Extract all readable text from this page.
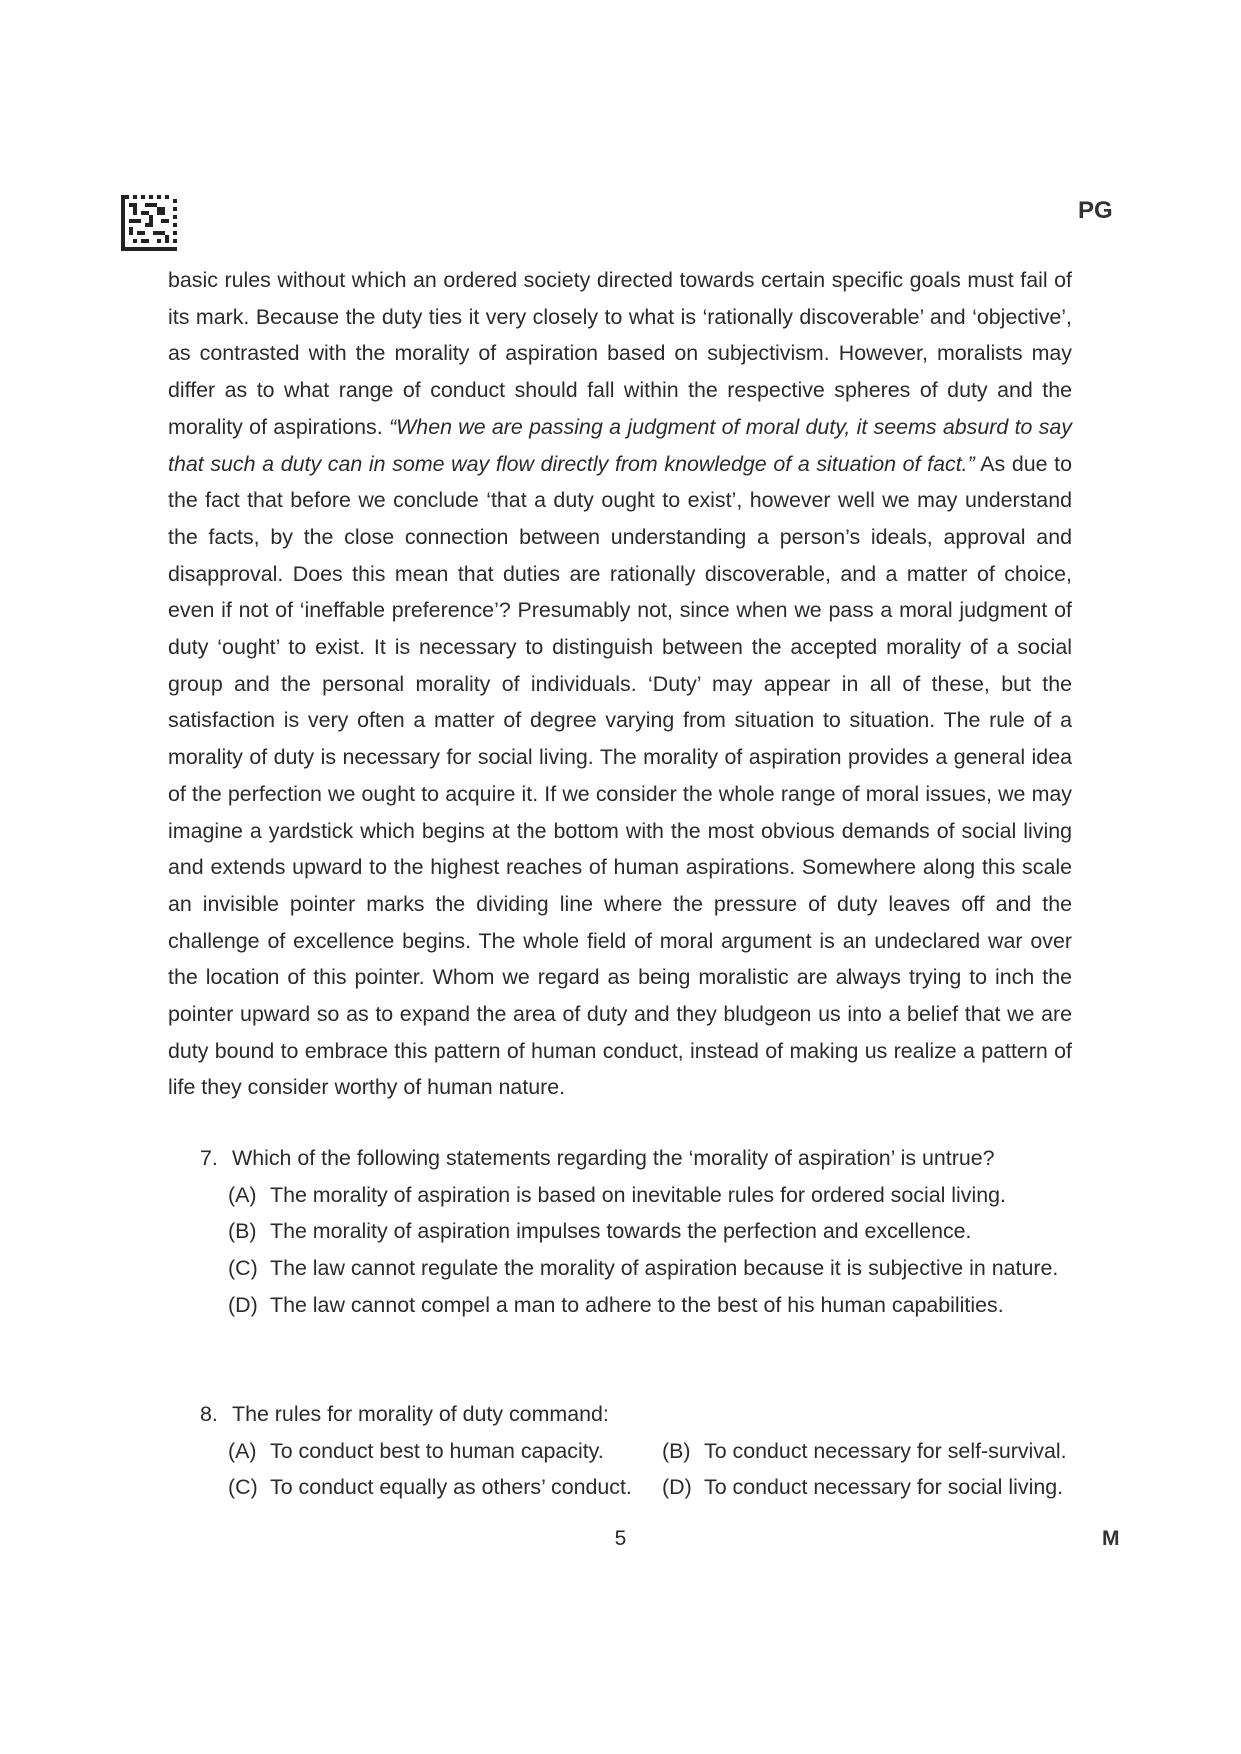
PG

basic rules without which an ordered society directed towards certain specific goals must fail of its mark. Because the duty ties it very closely to what is ‘rationally discoverable’ and ‘objective’, as contrasted with the morality of aspiration based on subjectivism. However, moralists may differ as to what range of conduct should fall within the respective spheres of duty and the morality of aspirations. “When we are passing a judgment of moral duty, it seems absurd to say that such a duty can in some way flow directly from knowledge of a situation of fact.” As due to the fact that before we conclude ‘that a duty ought to exist’, however well we may understand the facts, by the close connection between understanding a person’s ideals, approval and disapproval. Does this mean that duties are rationally discoverable, and a matter of choice, even if not of ‘ineffable preference’? Presumably not, since when we pass a moral judgment of duty ‘ought’ to exist. It is necessary to distinguish between the accepted morality of a social group and the personal morality of individuals. ‘Duty’ may appear in all of these, but the satisfaction is very often a matter of degree varying from situation to situation. The rule of a morality of duty is necessary for social living. The morality of aspiration provides a general idea of the perfection we ought to acquire it. If we consider the whole range of moral issues, we may imagine a yardstick which begins at the bottom with the most obvious demands of social living and extends upward to the highest reaches of human aspirations. Somewhere along this scale an invisible pointer marks the dividing line where the pressure of duty leaves off and the challenge of excellence begins. The whole field of moral argument is an undeclared war over the location of this pointer. Whom we regard as being moralistic are always trying to inch the pointer upward so as to expand the area of duty and they bludgeon us into a belief that we are duty bound to embrace this pattern of human conduct, instead of making us realize a pattern of life they consider worthy of human nature.

7. Which of the following statements regarding the ‘morality of aspiration’ is untrue?
(A) The morality of aspiration is based on inevitable rules for ordered social living.
(B) The morality of aspiration impulses towards the perfection and excellence.
(C) The law cannot regulate the morality of aspiration because it is subjective in nature.
(D) The law cannot compel a man to adhere to the best of his human capabilities.
8. The rules for morality of duty command:
(A) To conduct best to human capacity.	(B) To conduct necessary for self-survival.
(C) To conduct equally as others’ conduct. (D) To conduct necessary for social living.
5	M
